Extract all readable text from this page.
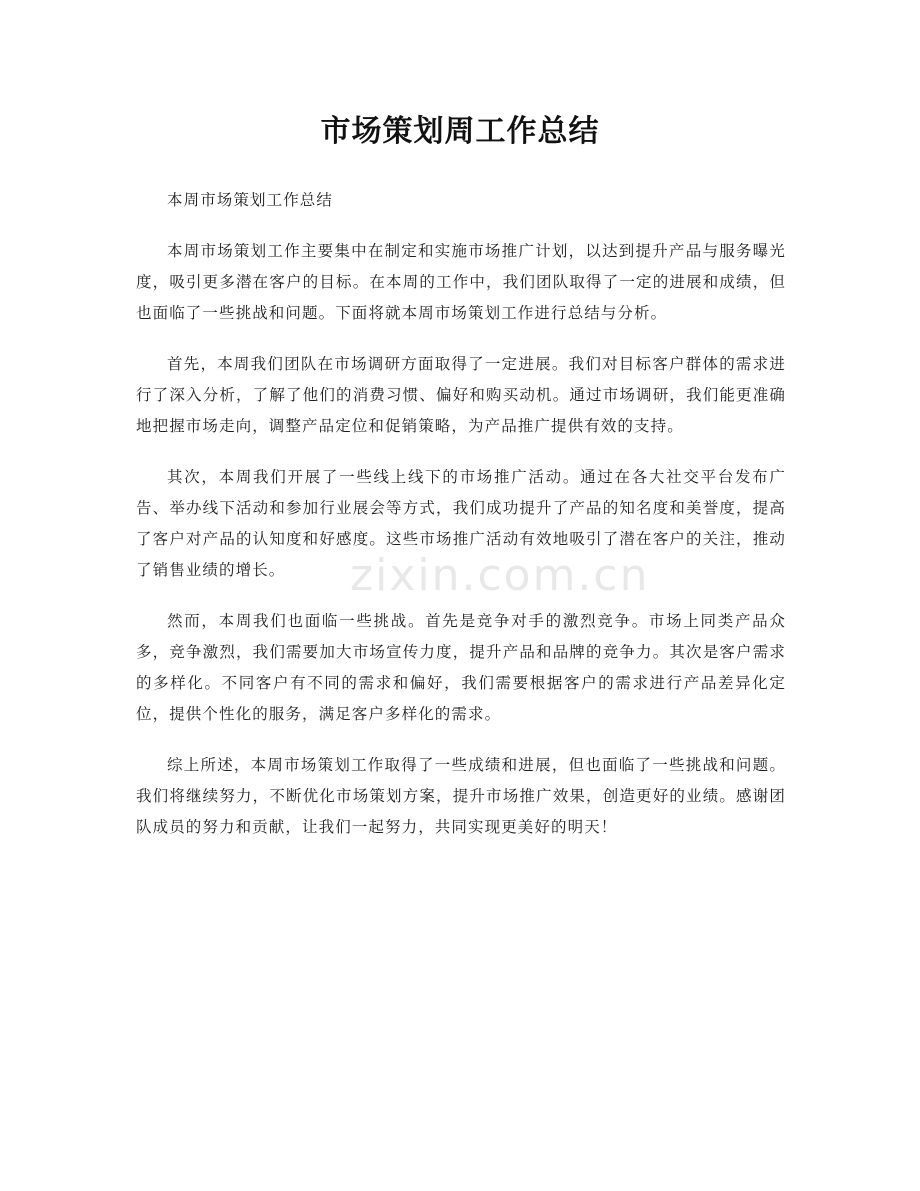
市场策划周工作总结

本周市场策划工作总结

本周市场策划工作主要集中在制定和实施市场推广计划，以达到提升产品与服务曝光度，吸引更多潜在客户的目标。在本周的工作中，我们团队取得了一定的进展和成绩，但也面临了一些挑战和问题。下面将就本周市场策划工作进行总结与分析。

首先，本周我们团队在市场调研方面取得了一定进展。我们对目标客户群体的需求进行了深入分析，了解了他们的消费习惯、偏好和购买动机。通过市场调研，我们能更准确地把握市场走向，调整产品定位和促销策略，为产品推广提供有效的支持。

其次，本周我们开展了一些线上线下的市场推广活动。通过在各大社交平台发布广告、举办线下活动和参加行业展会等方式，我们成功提升了产品的知名度和美誉度，提高了客户对产品的认知度和好感度。这些市场推广活动有效地吸引了潜在客户的关注，推动了销售业绩的增长。

然而，本周我们也面临一些挑战。首先是竞争对手的激烈竞争。市场上同类产品众多，竞争激烈，我们需要加大市场宣传力度，提升产品和品牌的竞争力。其次是客户需求的多样化。不同客户有不同的需求和偏好，我们需要根据客户的需求进行产品差异化定位，提供个性化的服务，满足客户多样化的需求。

综上所述，本周市场策划工作取得了一些成绩和进展，但也面临了一些挑战和问题。我们将继续努力，不断优化市场策划方案，提升市场推广效果，创造更好的业绩。感谢团队成员的努力和贡献，让我们一起努力，共同实现更美好的明天！

zixin.com.cn
